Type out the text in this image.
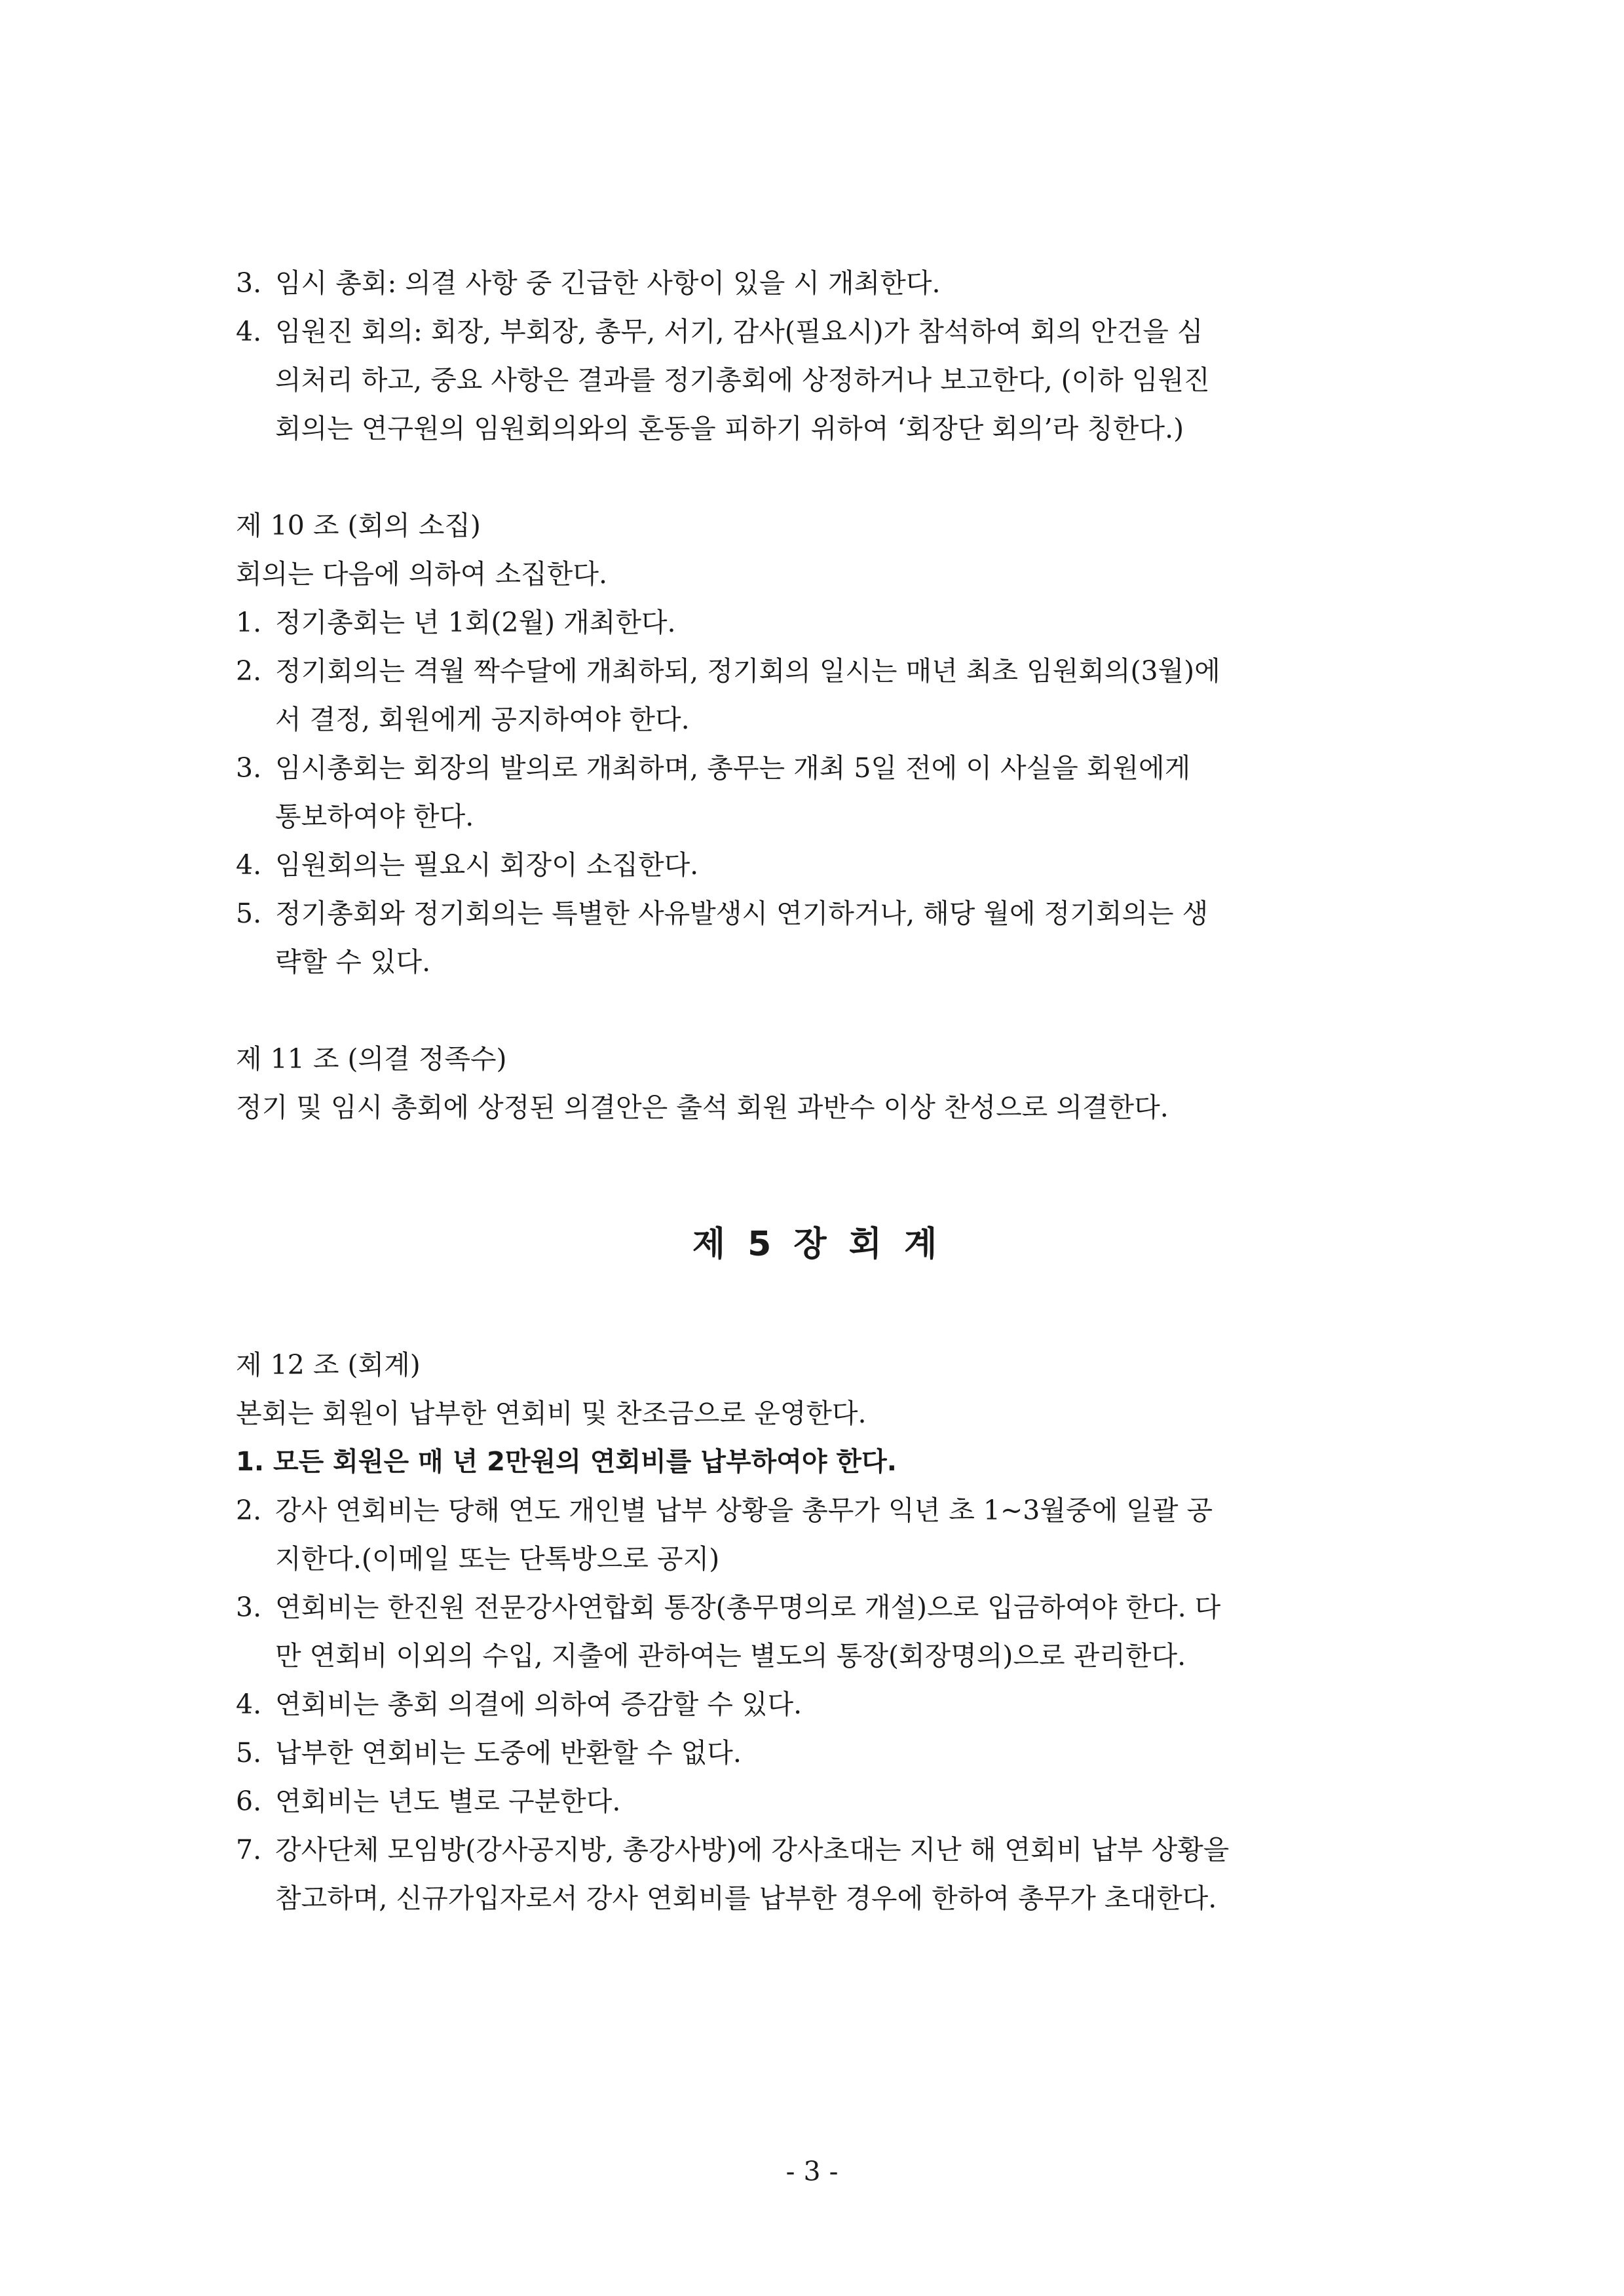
3. 임시 총회: 의결 사항 중 긴급한 사항이 있을 시 개최한다.
4. 임원진 회의: 회장, 부회장, 총무, 서기, 감사(필요시)가 참석하여 회의 안건을 심
의처리 하고, 중요 사항은 결과를 정기총회에 상정하거나 보고한다, (이하 임원진
회의는 연구원의 임원회의와의 혼동을 피하기 위하여 ‘회장단 회의’라 칭한다.)
제 10 조 (회의 소집)
회의는 다음에 의하여 소집한다.
1. 정기총회는 년 1회(2월) 개최한다.
2. 정기회의는 격월 짝수달에 개최하되, 정기회의 일시는 매년 최초 임원회의(3월)에
서 결정, 회원에게 공지하여야 한다.
3. 임시총회는 회장의 발의로 개최하며, 총무는 개최 5일 전에 이 사실을 회원에게
통보하여야 한다.
4. 임원회의는 필요시 회장이 소집한다.
5. 정기총회와 정기회의는 특별한 사유발생시 연기하거나, 해당 월에 정기회의는 생
략할 수 있다.
제 11 조 (의결 정족수)
정기 및 임시 총회에 상정된 의결안은 출석 회원 과반수 이상 찬성으로 의결한다.
제 5 장 회 계
제 12 조 (회계)
본회는 회원이 납부한 연회비 및 찬조금으로 운영한다.
1. 모든 회원은 매 년 2만원의 연회비를 납부하여야 한다.
2. 강사 연회비는 당해 연도 개인별 납부 상황을 총무가 익년 초 1~3월중에 일괄 공
지한다.(이메일 또는 단톡방으로 공지)
3. 연회비는 한진원 전문강사연합회 통장(총무명의로 개설)으로 입금하여야 한다. 다
만 연회비 이외의 수입, 지출에 관하여는 별도의 통장(회장명의)으로 관리한다.
4. 연회비는 총회 의결에 의하여 증감할 수 있다.
5. 납부한 연회비는 도중에 반환할 수 없다.
6. 연회비는 년도 별로 구분한다.
7. 강사단체 모임방(강사공지방, 총강사방)에 강사초대는 지난 해 연회비 납부 상황을
참고하며, 신규가입자로서 강사 연회비를 납부한 경우에 한하여 총무가 초대한다.
- 3 -
